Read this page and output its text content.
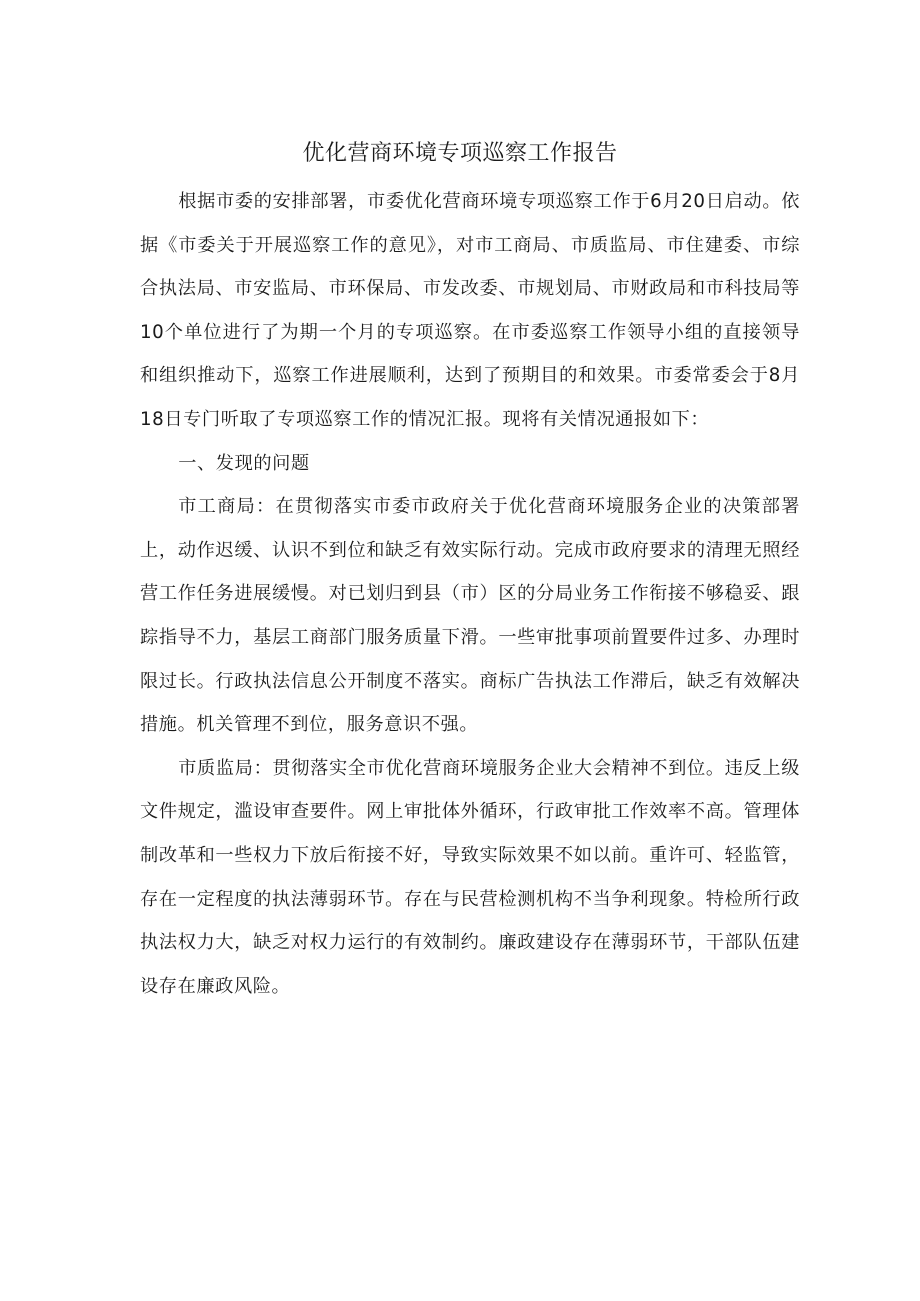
优化营商环境专项巡察工作报告

根据市委的安排部署，市委优化营商环境专项巡察工作于6月20日启动。依据《市委关于开展巡察工作的意见》，对市工商局、市质监局、市住建委、市综合执法局、市安监局、市环保局、市发改委、市规划局、市财政局和市科技局等10个单位进行了为期一个月的专项巡察。在市委巡察工作领导小组的直接领导和组织推动下，巡察工作进展顺利，达到了预期目的和效果。市委常委会于8月18日专门听取了专项巡察工作的情况汇报。现将有关情况通报如下：

一、发现的问题

市工商局：在贯彻落实市委市政府关于优化营商环境服务企业的决策部署上，动作迟缓、认识不到位和缺乏有效实际行动。完成市政府要求的清理无照经营工作任务进展缓慢。对已划归到县（市）区的分局业务工作衔接不够稳妥、跟踪指导不力，基层工商部门服务质量下滑。一些审批事项前置要件过多、办理时限过长。行政执法信息公开制度不落实。商标广告执法工作滞后，缺乏有效解决措施。机关管理不到位，服务意识不强。

市质监局：贯彻落实全市优化营商环境服务企业大会精神不到位。违反上级文件规定，滥设审查要件。网上审批体外循环，行政审批工作效率不高。管理体制改革和一些权力下放后衔接不好，导致实际效果不如以前。重许可、轻监管，存在一定程度的执法薄弱环节。存在与民营检测机构不当争利现象。特检所行政执法权力大，缺乏对权力运行的有效制约。廉政建设存在薄弱环节，干部队伍建设存在廉政风险。
